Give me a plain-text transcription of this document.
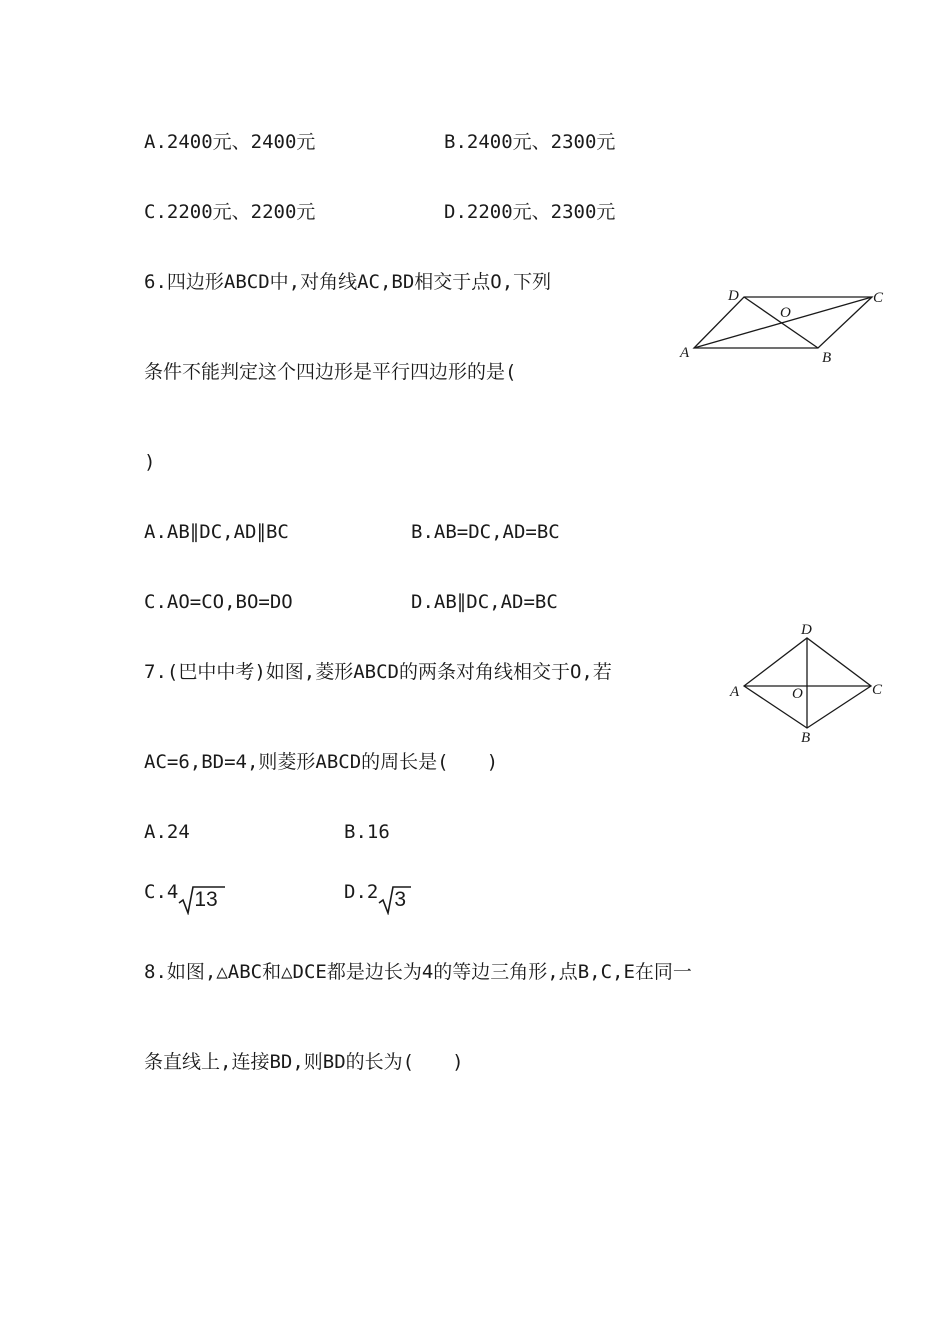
A.2400元、2400元	B.2400元、2300元
C.2200元、2200元	D.2200元、2300元
6.四边形ABCD中,对角线AC,BD相交于点O,下列
条件不能判定这个四边形是平行四边形的是(
)
A	B
C
D
O
A.AB∥DC,AD∥BC	B.AB=DC,AD=BC
C.AO=CO,BO=DO	D.AB∥DC,AD=BC
7.(巴中中考)如图,菱形ABCD的两条对角线相交于O,若
A
B
C
D
O
AC=6,BD=4,则菱形ABCD的周长是(　　)
A.24	B.16
C.4 13	D.2 3
8.如图,△ABC和△DCE都是边长为4的等边三角形,点B,C,E在同一
条直线上,连接BD,则BD的长为(　　)
